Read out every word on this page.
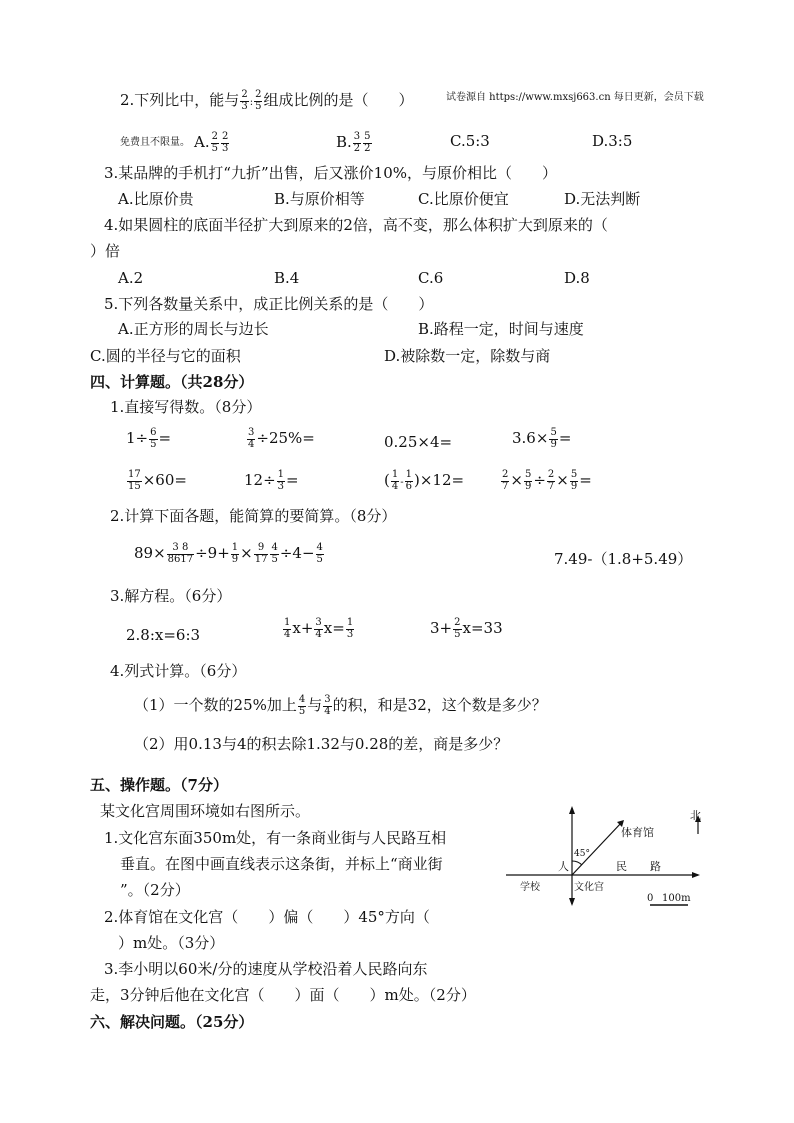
2.下列比中，能与 $\frac{2}{3}$ : $\frac{2}{5}$ 组成比例的是（　　）	试卷源自 https://www.mxsj663.cn 每日更新，会员下载
免费且不限量。 A. $\frac{2}{5} \frac{2}{3}$	B. $\frac{3}{2} \frac{5}{2}$	C.5:3	D.3:5
3.某品牌的手机打“九折”出售，后又涨价10%，与原价相比（　　）
A.比原价贵	B.与原价相等	C.比原价便宜	D.无法判断
4.如果圆柱的底面半径扩大到原来的2倍，高不变，那么体积扩大到原来的（
）倍
A.2	B.4	C.6	D.8
5.下列各数量关系中，成正比例关系的是（　　）
A.正方形的周长与边长	B.路程一定，时间与速度
C.圆的半径与它的面积	D.被除数一定，除数与商
四、计算题。（共28分）
1.直接写得数。（8分）
$1\div \frac{6}{5}$ =	$\frac{3}{4} \div 25\%=$	0.25×4=	$3.6\times \frac{5}{9}$ =
$\frac{17}{15} \times 60=$	$12\div \frac{1}{3}$ =	( $\frac{1}{4} - \frac{1}{6} )\times 12=$	$\frac{2}{7} \times \frac{5}{9} \div \frac{2}{7} \times \frac{5}{9}$ =
2.计算下面各题，能简算的要简算。（8分）
$89\times \frac{3 8}{8617} \div 9+ \frac{1}{9} \times \frac{9}{17} \frac{4}{5} \div 4- \frac{4}{5}$	7.49-（1.8+5.49）
3.解方程。（6分）
2.8:x=6:3	$\frac{1}{4} x+ \frac{3}{4} x= \frac{1}{3}$	$3+ \frac{2}{5} x=33$
4.列式计算。（6分）
（1）一个数的25%加上 $\frac{4}{5}$ 与 $\frac{3}{4}$ 的积，和是32，这个数是多少？
（2）用0.13与4的积去除1.32与0.28的差，商是多少？
五、操作题。（7分）
某文化宫周围环境如右图所示。
1.文化宫东面350m处，有一条商业街与人民路互相
垂直。在图中画直线表示这条街，并标上“商业街
”。（2分）
2.体育馆在文化宫（　　）偏（　　）45°方向（
）m处。（3分）
3.李小明以60米/分的速度从学校沿着人民路向东
走，3分钟后他在文化宫（　　）面（　　）m处。（2分）
北
体育馆
45°
人	民 路
学校	文化宫
0 100m
六、解决问题。（25分）
